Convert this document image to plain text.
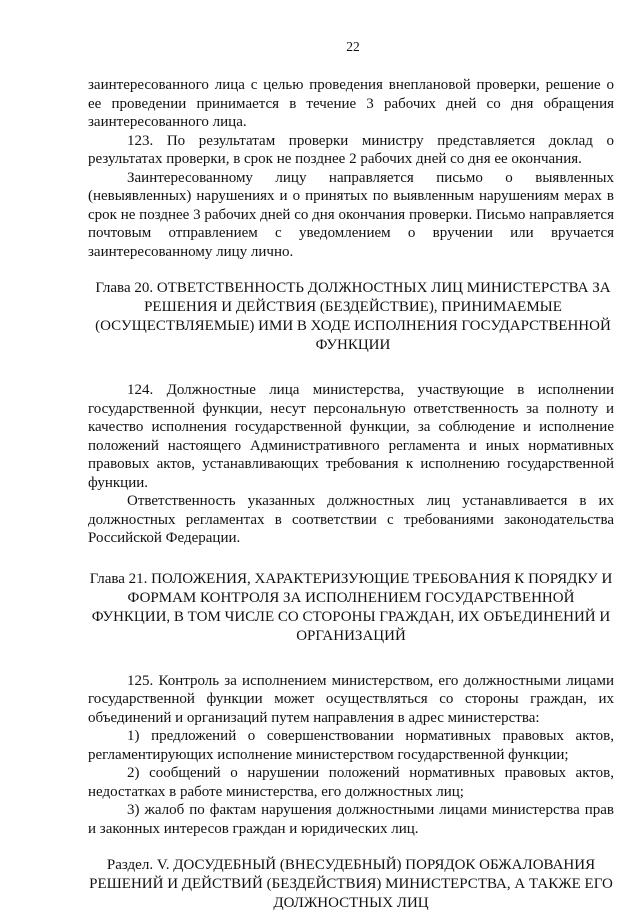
22

заинтересованного лица с целью проведения внеплановой проверки, решение о ее проведении принимается в течение 3 рабочих дней со дня обращения заинтересованного лица.

123. По результатам проверки министру представляется доклад о результатах проверки, в срок не позднее 2 рабочих дней со дня ее окончания.

Заинтересованному лицу направляется письмо о выявленных (невыявленных) нарушениях и о принятых по выявленным нарушениям мерах в срок не позднее 3 рабочих дней со дня окончания проверки. Письмо направляется почтовым отправлением с уведомлением о вручении или вручается заинтересованному лицу лично.

Глава 20. ОТВЕТСТВЕННОСТЬ ДОЛЖНОСТНЫХ ЛИЦ МИНИСТЕРСТВА ЗА РЕШЕНИЯ И ДЕЙСТВИЯ (БЕЗДЕЙСТВИЕ), ПРИНИМАЕМЫЕ (ОСУЩЕСТВЛЯЕМЫЕ) ИМИ В ХОДЕ ИСПОЛНЕНИЯ ГОСУДАРСТВЕННОЙ ФУНКЦИИ

124. Должностные лица министерства, участвующие в исполнении государственной функции, несут персональную ответственность за полноту и качество исполнения государственной функции, за соблюдение и исполнение положений настоящего Административного регламента и иных нормативных правовых актов, устанавливающих требования к исполнению государственной функции.

Ответственность указанных должностных лиц устанавливается в их должностных регламентах в соответствии с требованиями законодательства Российской Федерации.

Глава 21. ПОЛОЖЕНИЯ, ХАРАКТЕРИЗУЮЩИЕ ТРЕБОВАНИЯ К ПОРЯДКУ И ФОРМАМ КОНТРОЛЯ ЗА ИСПОЛНЕНИЕМ ГОСУДАРСТВЕННОЙ ФУНКЦИИ, В ТОМ ЧИСЛЕ СО СТОРОНЫ ГРАЖДАН, ИХ ОБЪЕДИНЕНИЙ И ОРГАНИЗАЦИЙ

125. Контроль за исполнением министерством, его должностными лицами государственной функции может осуществляться со стороны граждан, их объединений и организаций путем направления в адрес министерства:

1) предложений о совершенствовании нормативных правовых актов, регламентирующих исполнение министерством государственной функции;

2) сообщений о нарушении положений нормативных правовых актов, недостатках в работе министерства, его должностных лиц;

3) жалоб по фактам нарушения должностными лицами министерства прав и законных интересов граждан и юридических лиц.

Раздел. V. ДОСУДЕБНЫЙ (ВНЕСУДЕБНЫЙ) ПОРЯДОК ОБЖАЛОВАНИЯ РЕШЕНИЙ И ДЕЙСТВИЙ (БЕЗДЕЙСТВИЯ) МИНИСТЕРСТВА, А ТАКЖЕ ЕГО ДОЛЖНОСТНЫХ ЛИЦ
